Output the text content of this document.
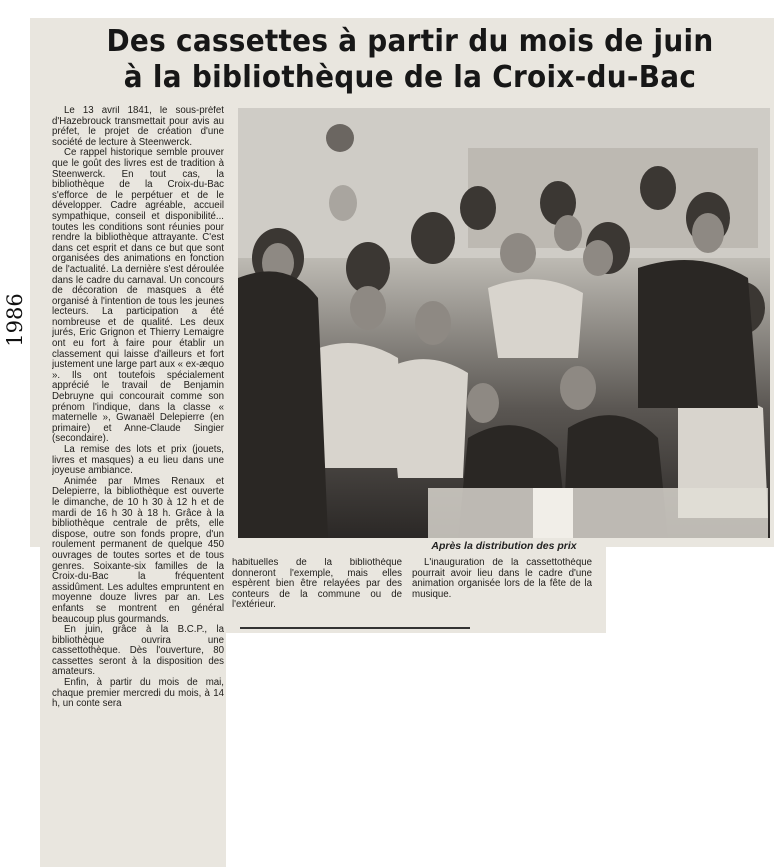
1986
Des cassettes à partir du mois de juin
à la bibliothèque de la Croix-du-Bac

Le 13 avril 1841, le sous-préfet d'Hazebrouck transmettait pour avis au préfet, le projet de création d'une société de lecture à Steenwerck.

Ce rappel historique semble prouver que le goût des livres est de tradition à Steenwerck. En tout cas, la bibliothèque de la Croix-du-Bac s'efforce de le perpétuer et de le développer. Cadre agréable, accueil sympathique, conseil et disponibilité... toutes les conditions sont réunies pour rendre la bibliothèque attrayante. C'est dans cet esprit et dans ce but que sont organisées des animations en fonction de l'actualité. La dernière s'est déroulée dans le cadre du carnaval. Un concours de décoration de masques a été organisé à l'intention de tous les jeunes lecteurs. La participation a été nombreuse et de qualité. Les deux jurés, Eric Grignon et Thierry Lemaigre ont eu fort à faire pour établir un classement qui laisse d'ailleurs et fort justement une large part aux « ex-æquo ». Ils ont toutefois spécialement apprécié le travail de Benjamin Debruyne qui concourait comme son prénom l'indique, dans la classe « maternelle », Gwanaël Delepierre (en primaire) et Anne-Claude Singier (secondaire).

La remise des lots et prix (jouets, livres et masques) a eu lieu dans une joyeuse ambiance.

Animée par Mmes Renaux et Delepierre, la bibliothèque est ouverte le dimanche, de 10 h 30 à 12 h et de mardi de 16 h 30 à 18 h. Grâce à la bibliothèque centrale de prêts, elle dispose, outre son fonds propre, d'un roulement permanent de quelque 450 ouvrages de toutes sortes et de tous genres. Soixante-six familles de la Croix-du-Bac la fréquentent assidûment. Les adultes empruntent en moyenne douze livres par an. Les enfants se montrent en général beaucoup plus gourmands.

En juin, grâce à la B.C.P., la bibliothèque ouvrira une cassettothèque. Dès l'ouverture, 80 cassettes seront à la disposition des amateurs.

Enfin, à partir du mois de mai, chaque premier mercredi du mois, à 14 h, un conte sera

Après la distribution des prix

habituelles de la bibliothèque donneront l'exemple, mais elles espèrent bien être relayées par des conteurs de la commune ou de l'extérieur.

L'inauguration de la cassettothèque pourrait avoir lieu dans le cadre d'une animation organisée lors de la fête de la musique.
